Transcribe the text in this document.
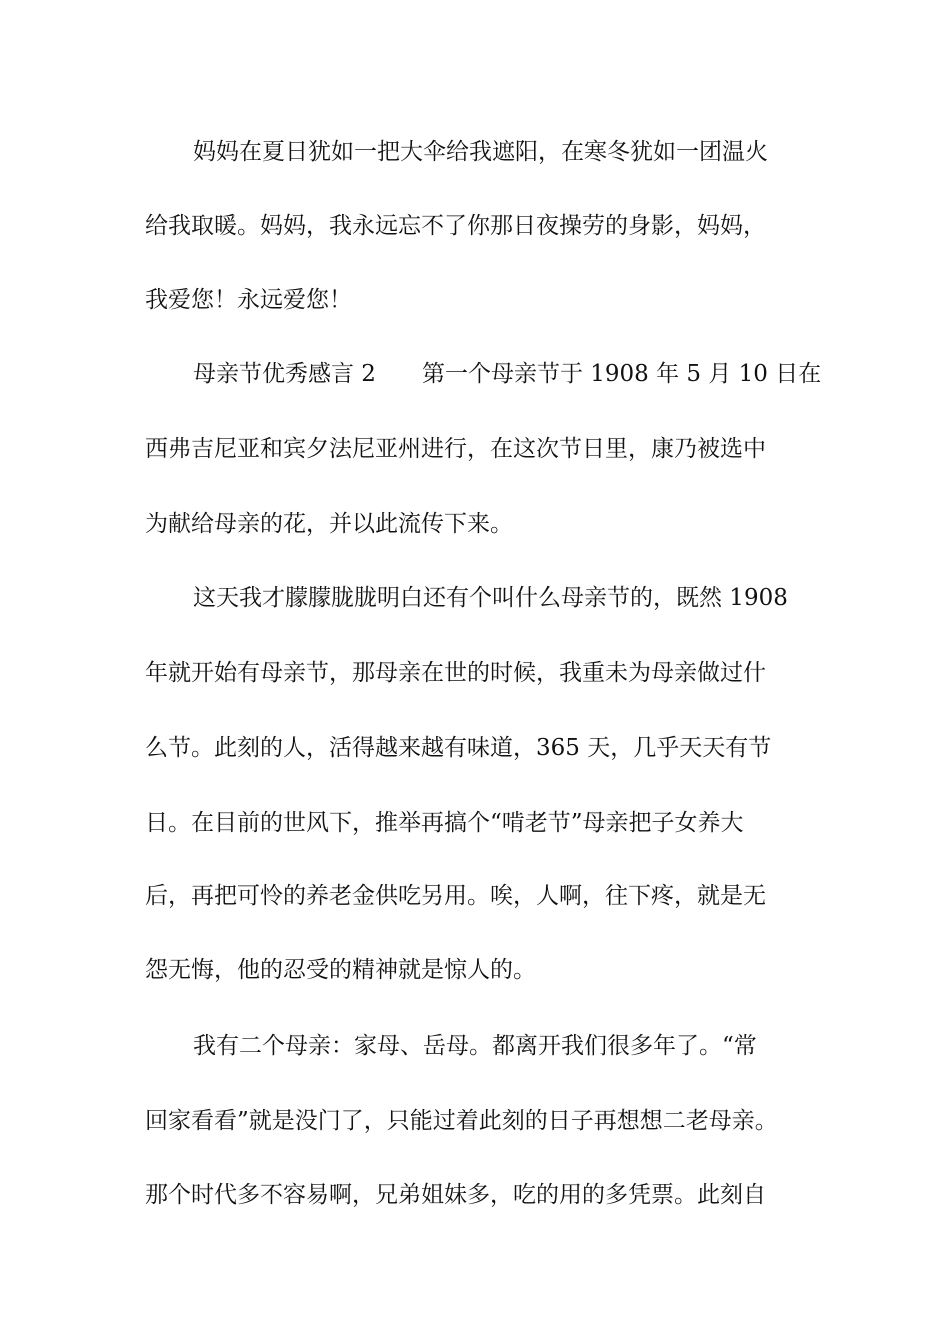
妈妈在夏日犹如一把大伞给我遮阳，在寒冬犹如一团温火
给我取暖。妈妈，我永远忘不了你那日夜操劳的身影，妈妈，
我爱您！永远爱您！
母亲节优秀感言 2　　第一个母亲节于 1908 年 5 月 10 日在
西弗吉尼亚和宾夕法尼亚州进行，在这次节日里，康乃被选中
为献给母亲的花，并以此流传下来。
这天我才朦朦胧胧明白还有个叫什么母亲节的，既然 1908
年就开始有母亲节，那母亲在世的时候，我重未为母亲做过什
么节。此刻的人，活得越来越有味道，365 天，几乎天天有节
日。在目前的世风下，推举再搞个“啃老节”母亲把子女养大
后，再把可怜的养老金供吃另用。唉，人啊，往下疼，就是无
怨无悔，他的忍受的精神就是惊人的。
我有二个母亲：家母、岳母。都离开我们很多年了。“常
回家看看”就是没门了，只能过着此刻的日子再想想二老母亲。
那个时代多不容易啊，兄弟姐妹多，吃的用的多凭票。此刻自
